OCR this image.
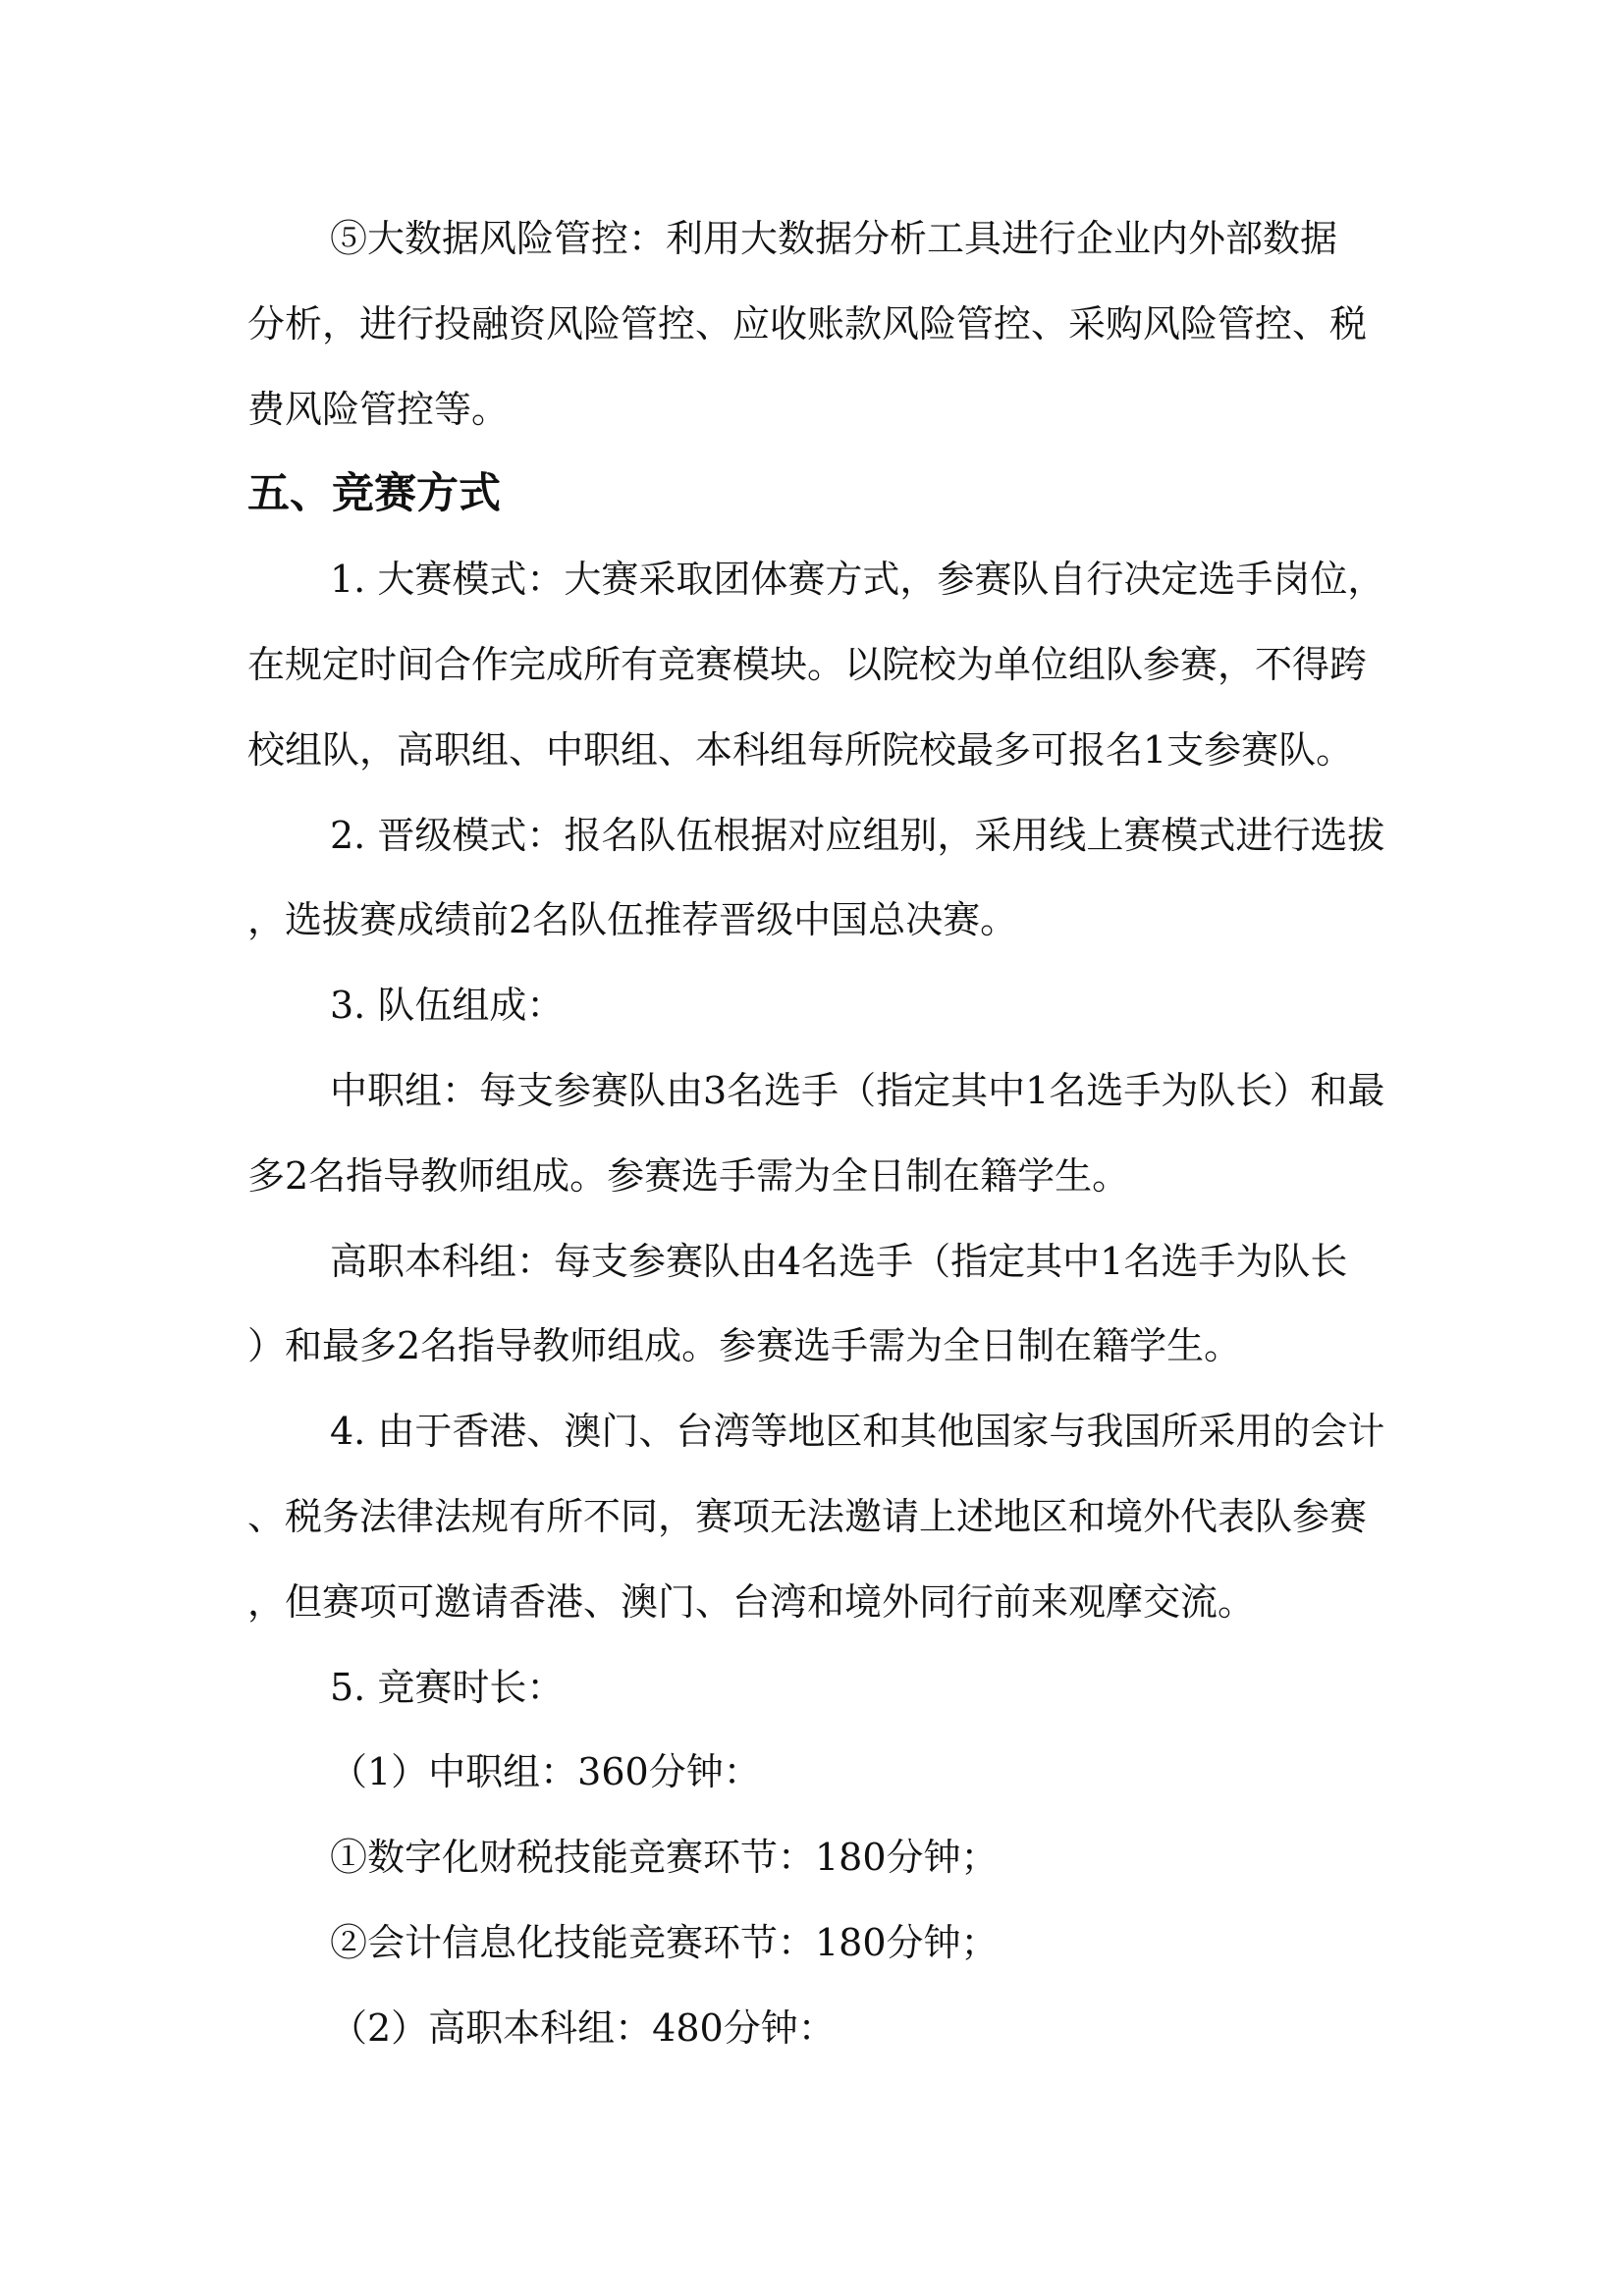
⑤大数据风险管控：利用大数据分析工具进行企业内外部数据
分析，进行投融资风险管控、应收账款风险管控、采购风险管控、税
费风险管控等。
五、竞赛方式
1. 大赛模式：大赛采取团体赛方式，参赛队自行决定选手岗位，
在规定时间合作完成所有竞赛模块。以院校为单位组队参赛，不得跨
校组队，高职组、中职组、本科组每所院校最多可报名1支参赛队。
2. 晋级模式：报名队伍根据对应组别，采用线上赛模式进行选拔
，选拔赛成绩前2名队伍推荐晋级中国总决赛。
3. 队伍组成：
中职组：每支参赛队由3名选手（指定其中1名选手为队长）和最
多2名指导教师组成。参赛选手需为全日制在籍学生。
高职本科组：每支参赛队由4名选手（指定其中1名选手为队长
）和最多2名指导教师组成。参赛选手需为全日制在籍学生。
4. 由于香港、澳门、台湾等地区和其他国家与我国所采用的会计
、税务法律法规有所不同，赛项无法邀请上述地区和境外代表队参赛
，但赛项可邀请香港、澳门、台湾和境外同行前来观摩交流。
5. 竞赛时长：
（1）中职组：360分钟：
①数字化财税技能竞赛环节：180分钟；
②会计信息化技能竞赛环节：180分钟；
（2）高职本科组：480分钟：
